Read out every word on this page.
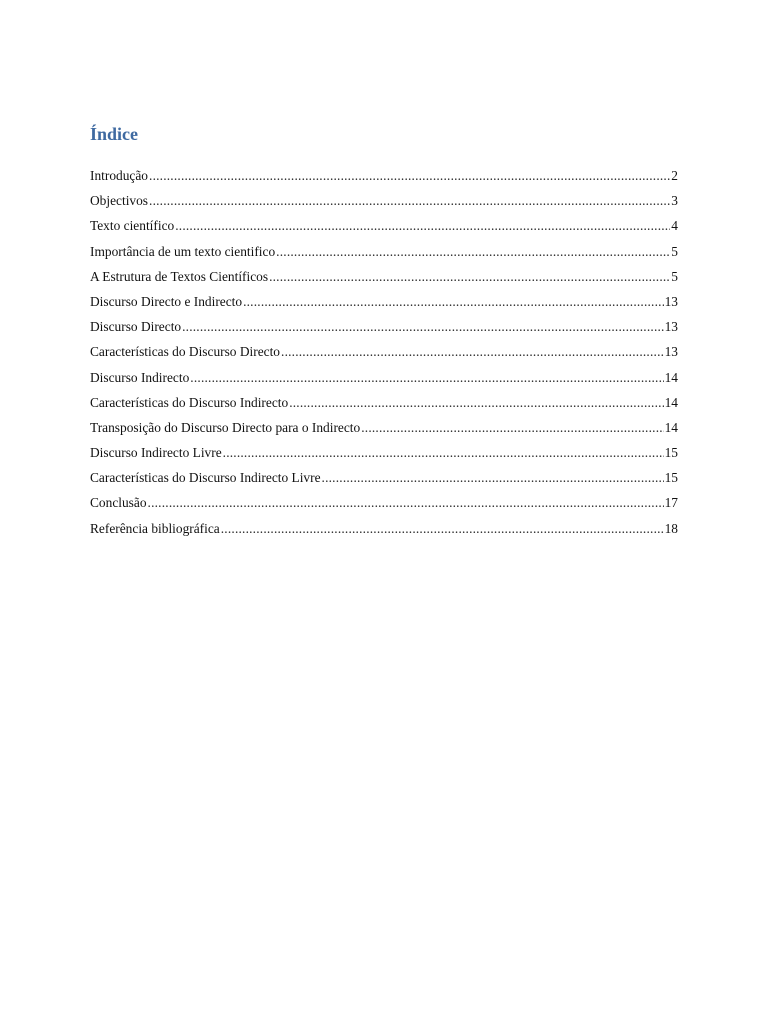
Índice
Introdução .....	2
Objectivos .....	3
Texto científico .....	4
Importância de um texto cientifico .....	5
A Estrutura de Textos Científicos .....	5
Discurso Directo e Indirecto .....	13
Discurso Directo .....	13
Características do Discurso Directo .....	13
Discurso Indirecto .....	14
Características do Discurso Indirecto .....	14
Transposição do Discurso Directo para o Indirecto .....	14
Discurso Indirecto Livre .....	15
Características do Discurso Indirecto Livre .....	15
Conclusão .....	17
Referência bibliográfica .....	18
